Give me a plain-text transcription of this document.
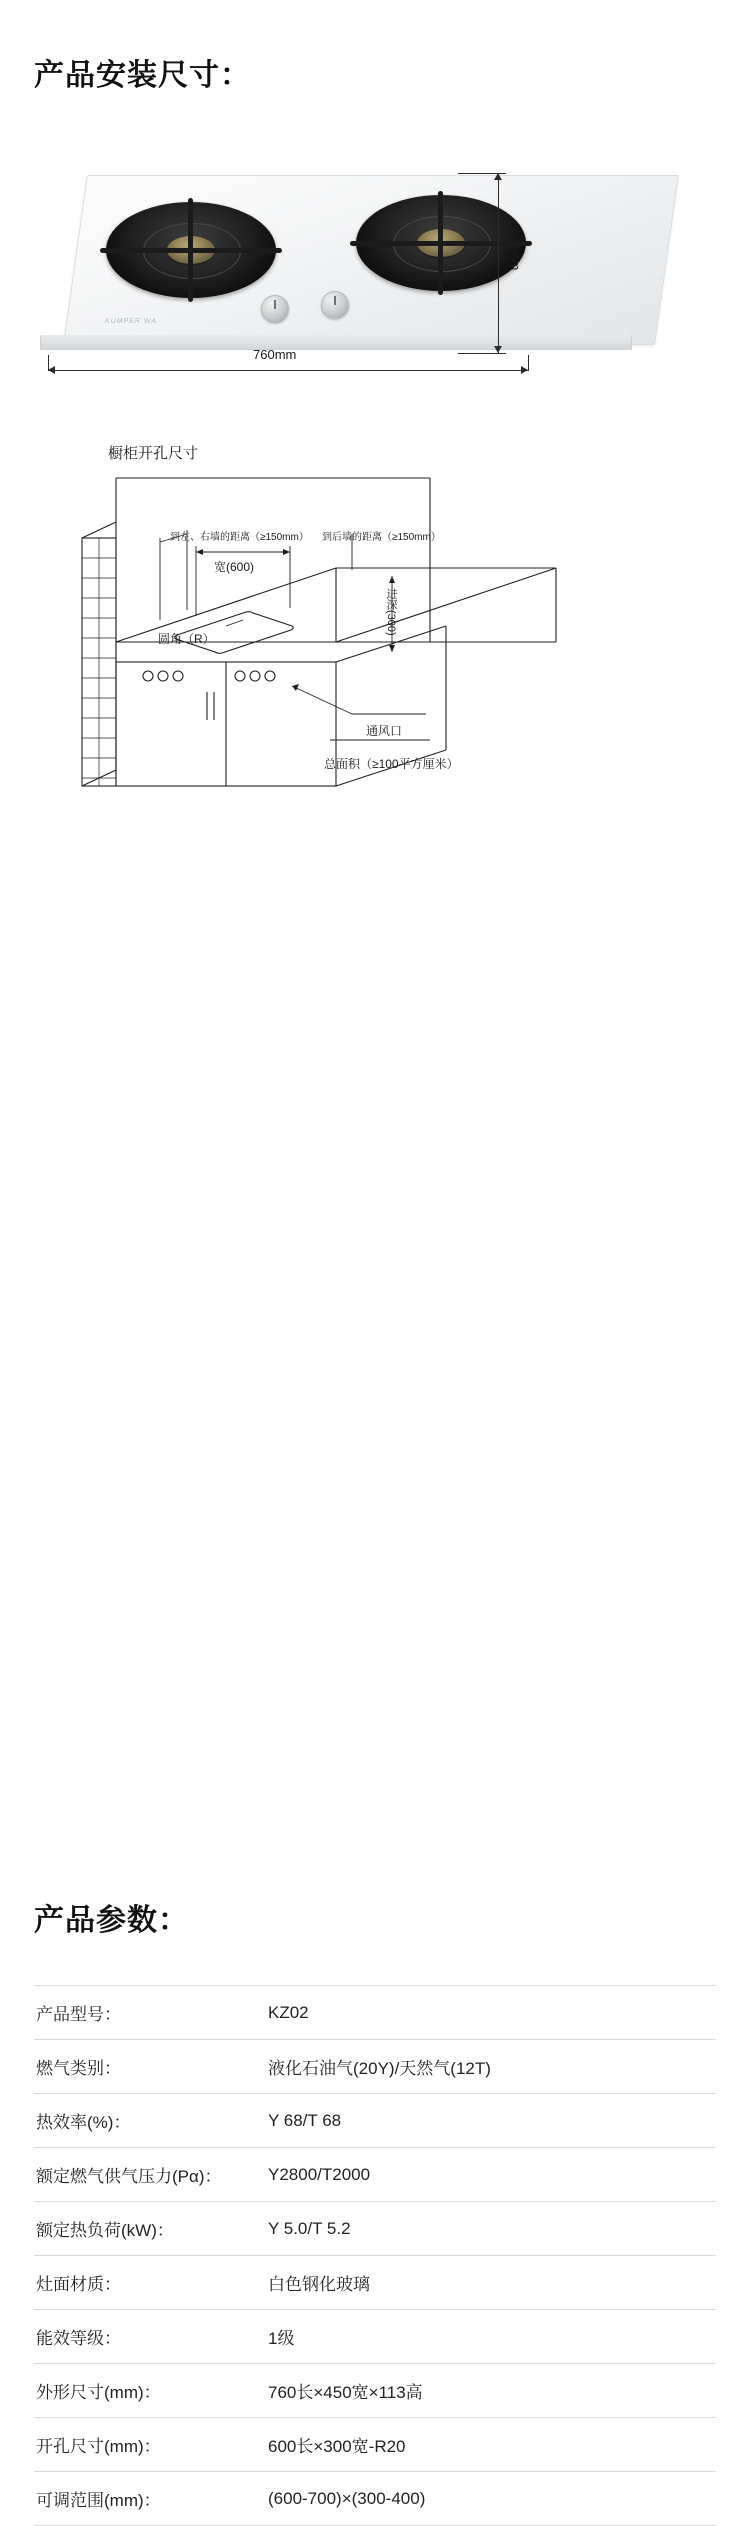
产品安装尺寸：
KUMPER WA
760mm
450mm
橱柜开孔尺寸
到左、右墙的距离（≥150mm） 到后墙的距离（≥150mm）
宽(600)
进深(300)
圆角（R）
通风口
总面积（≥100平方厘米）
产品参数：
产品型号：	KZ02
燃气类别：	液化石油气(20Y)/天然气(12T)
热效率(%)：	Y 68/T 68
额定燃气供气压力(Pα)：	Y2800/T2000
额定热负荷(kW)：	Y 5.0/T 5.2
灶面材质：	白色钢化玻璃
能效等级：	1级
外形尺寸(mm)：	760长×450宽×113高
开孔尺寸(mm)：	600长×300宽-R20
可调范围(mm)：	(600-700)×(300-400)
